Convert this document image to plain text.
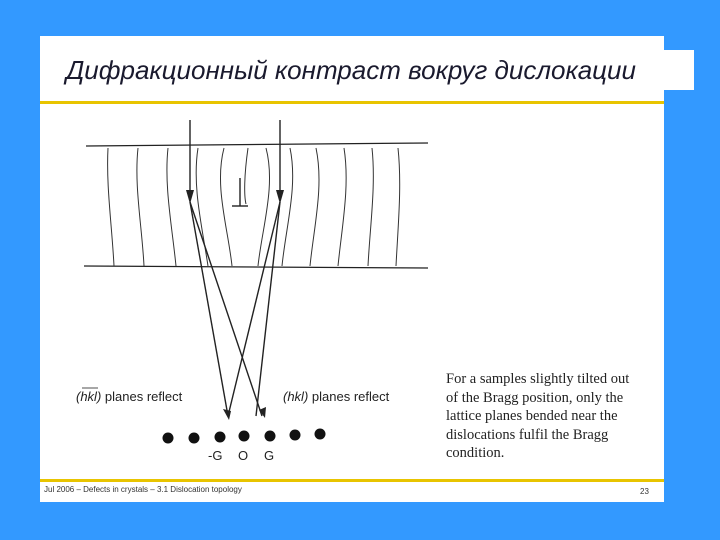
Дифракционный контраст вокруг дислокации
(hkl) planes reflect	(hkl) planes reflect
-G O G
For a samples slightly tilted out
of the Bragg position, only the
lattice planes bended near the
dislocations fulfil the Bragg
condition.
Jul 2006 – Defects in crystals – 3.1 Dislocation topology	23
